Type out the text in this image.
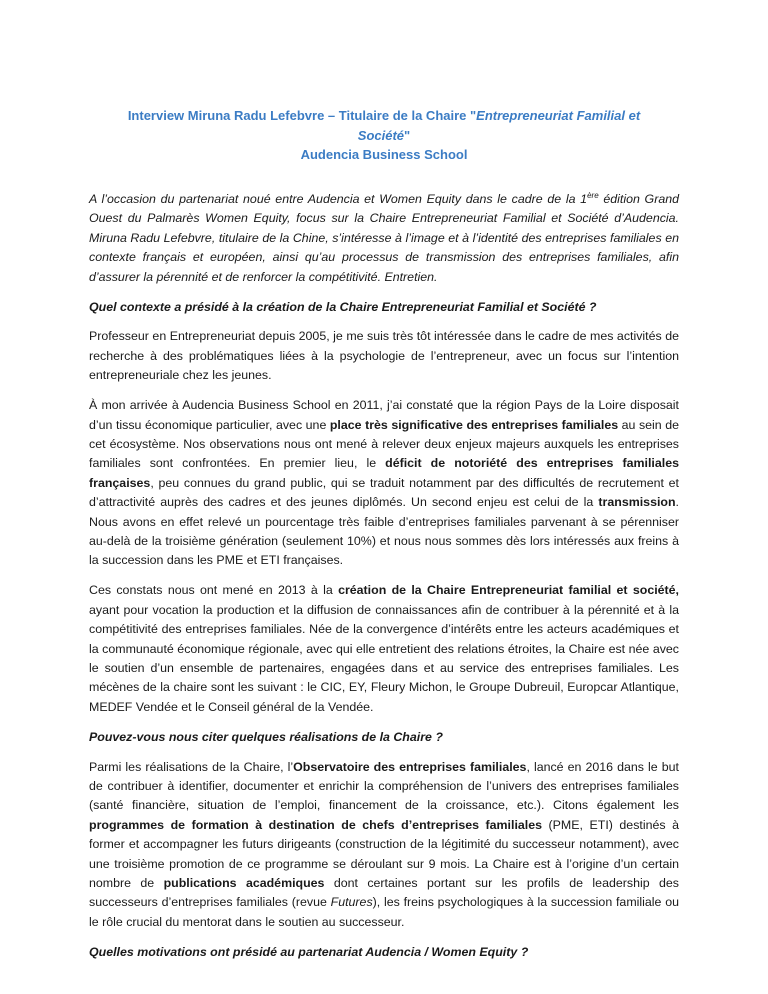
Interview Miruna Radu Lefebvre – Titulaire de la Chaire "Entrepreneuriat Familial et
Société"
Audencia Business School

A l’occasion du partenariat noué entre Audencia et Women Equity dans le cadre de la 1ère édition Grand Ouest du Palmarès Women Equity, focus sur la Chaire Entrepreneuriat Familial et Société d’Audencia. Miruna Radu Lefebvre, titulaire de la Chine, s’intéresse à l’image et à l’identité des entreprises familiales en contexte français et européen, ainsi qu’au processus de transmission des entreprises familiales, afin d’assurer la pérennité et de renforcer la compétitivité. Entretien.

Quel contexte a présidé à la création de la Chaire Entrepreneuriat Familial et Société ?

Professeur en Entrepreneuriat depuis 2005, je me suis très tôt intéressée dans le cadre de mes activités de recherche à des problématiques liées à la psychologie de l’entrepreneur, avec un focus sur l’intention entrepreneuriale chez les jeunes.

À mon arrivée à Audencia Business School en 2011, j’ai constaté que la région Pays de la Loire disposait d’un tissu économique particulier, avec une place très significative des entreprises familiales au sein de cet écosystème. Nos observations nous ont mené à relever deux enjeux majeurs auxquels les entreprises familiales sont confrontées. En premier lieu, le déficit de notoriété des entreprises familiales françaises, peu connues du grand public, qui se traduit notamment par des difficultés de recrutement et d’attractivité auprès des cadres et des jeunes diplômés. Un second enjeu est celui de la transmission. Nous avons en effet relevé un pourcentage très faible d’entreprises familiales parvenant à se pérenniser au-delà de la troisième génération (seulement 10%) et nous nous sommes dès lors intéressés aux freins à la succession dans les PME et ETI françaises.

Ces constats nous ont mené en 2013 à la création de la Chaire Entrepreneuriat familial et société, ayant pour vocation la production et la diffusion de connaissances afin de contribuer à la pérennité et à la compétitivité des entreprises familiales. Née de la convergence d’intérêts entre les acteurs académiques et la communauté économique régionale, avec qui elle entretient des relations étroites, la Chaire est née avec le soutien d’un ensemble de partenaires, engagées dans et au service des entreprises familiales. Les mécènes de la chaire sont les suivant : le CIC, EY, Fleury Michon, le Groupe Dubreuil, Europcar Atlantique, MEDEF Vendée et le Conseil général de la Vendée.

Pouvez-vous nous citer quelques réalisations de la Chaire ?

Parmi les réalisations de la Chaire, l’Observatoire des entreprises familiales, lancé en 2016 dans le but de contribuer à identifier, documenter et enrichir la compréhension de l’univers des entreprises familiales (santé financière, situation de l’emploi, financement de la croissance, etc.). Citons également les programmes de formation à destination de chefs d’entreprises familiales (PME, ETI) destinés à former et accompagner les futurs dirigeants (construction de la légitimité du successeur notamment), avec une troisième promotion de ce programme se déroulant sur 9 mois. La Chaire est à l’origine d’un certain nombre de publications académiques dont certaines portant sur les profils de leadership des successeurs d’entreprises familiales (revue Futures), les freins psychologiques à la succession familiale ou le rôle crucial du mentorat dans le soutien au successeur.

Quelles motivations ont présidé au partenariat Audencia / Women Equity ?
